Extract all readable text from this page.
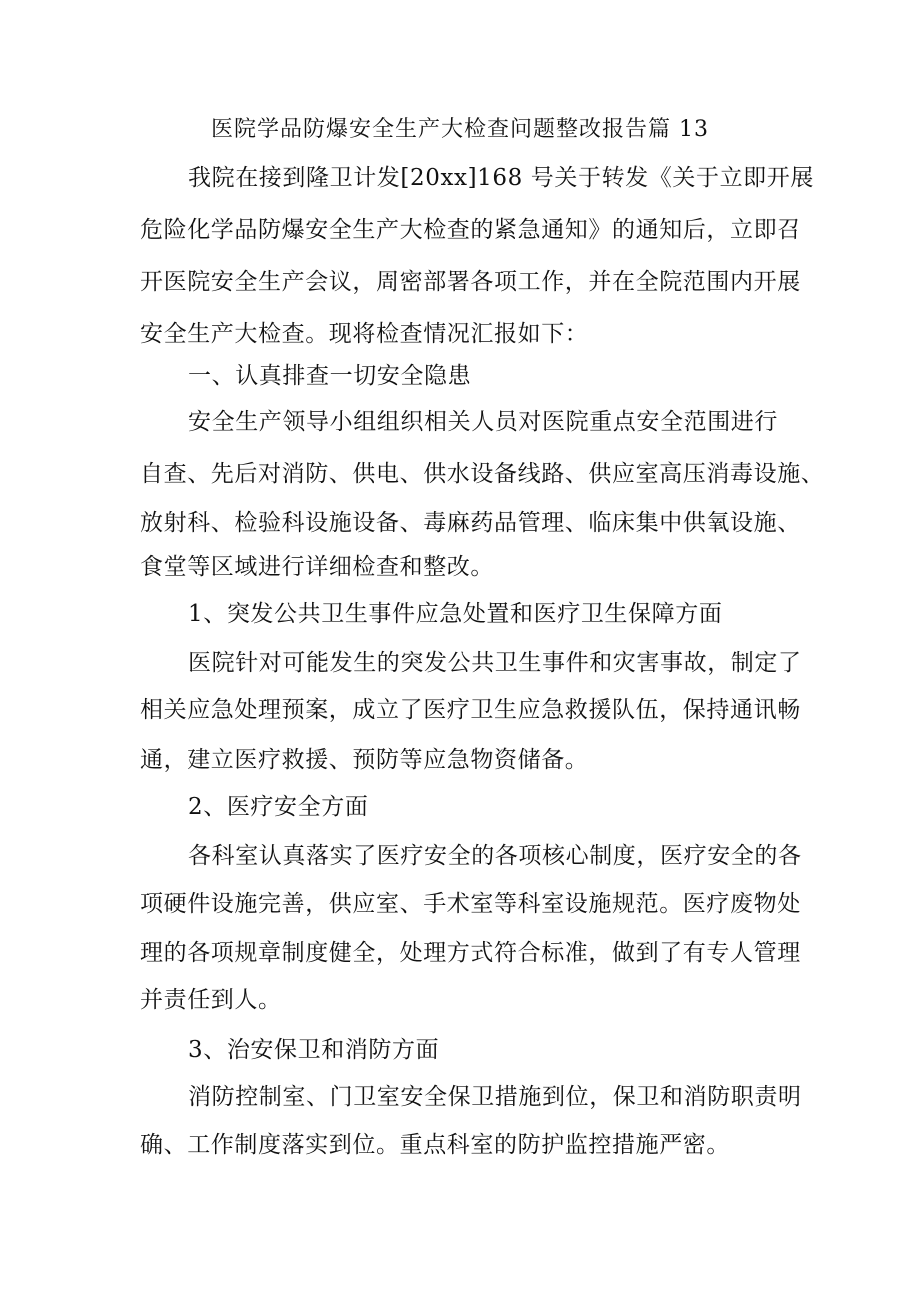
医院学品防爆安全生产大检查问题整改报告篇 13
我院在接到隆卫计发[20xx]168 号关于转发《关于立即开展
危险化学品防爆安全生产大检查的紧急通知》的通知后，立即召
开医院安全生产会议，周密部署各项工作，并在全院范围内开展
安全生产大检查。现将检查情况汇报如下：
一、认真排查一切安全隐患
安全生产领导小组组织相关人员对医院重点安全范围进行
自查、先后对消防、供电、供水设备线路、供应室高压消毒设施、
放射科、检验科设施设备、毒麻药品管理、临床集中供氧设施、
食堂等区域进行详细检查和整改。
1、突发公共卫生事件应急处置和医疗卫生保障方面
医院针对可能发生的突发公共卫生事件和灾害事故，制定了
相关应急处理预案，成立了医疗卫生应急救援队伍，保持通讯畅
通，建立医疗救援、预防等应急物资储备。
2、医疗安全方面
各科室认真落实了医疗安全的各项核心制度，医疗安全的各
项硬件设施完善，供应室、手术室等科室设施规范。医疗废物处
理的各项规章制度健全，处理方式符合标准，做到了有专人管理
并责任到人。
3、治安保卫和消防方面
消防控制室、门卫室安全保卫措施到位，保卫和消防职责明
确、工作制度落实到位。重点科室的防护监控措施严密。
